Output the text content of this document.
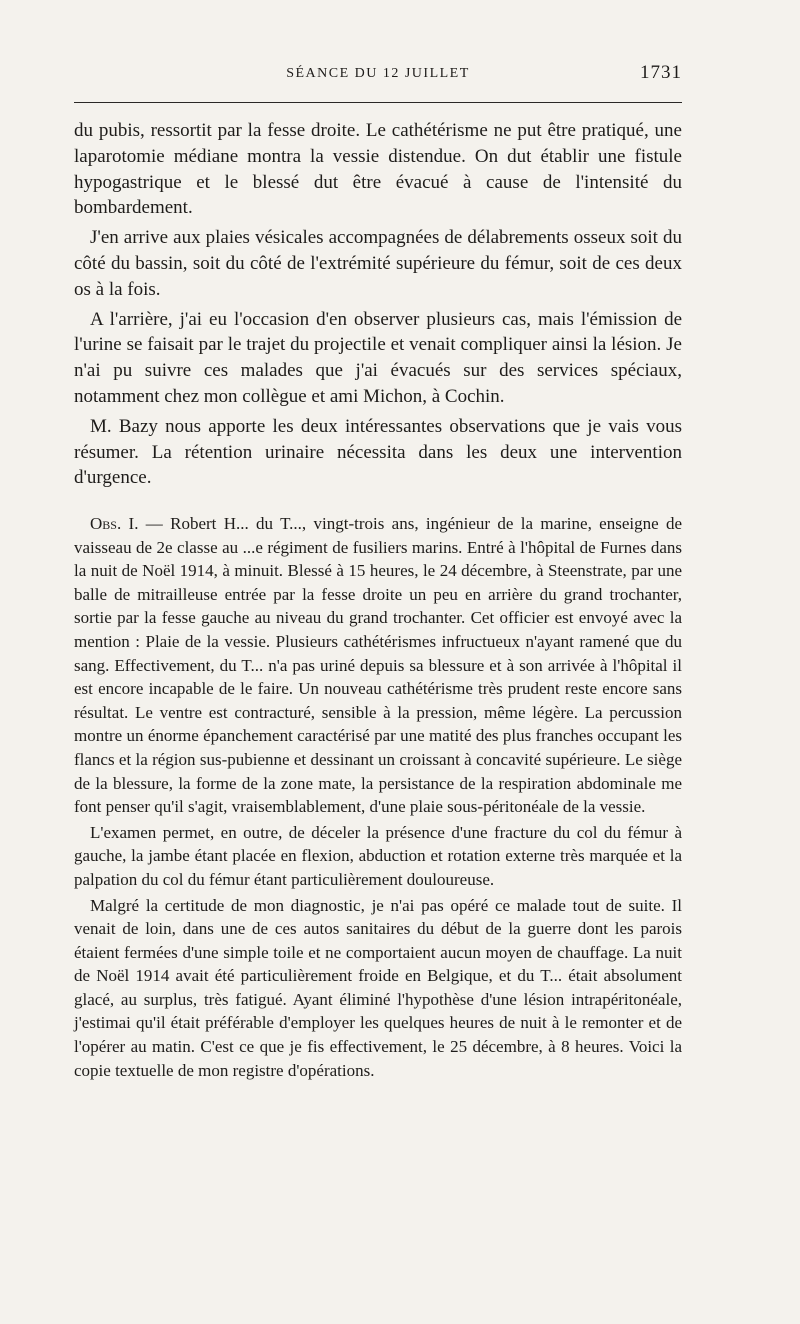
SÉANCE DU 12 JUILLET	1731

du pubis, ressortit par la fesse droite. Le cathétérisme ne put être pratiqué, une laparotomie médiane montra la vessie distendue. On dut établir une fistule hypogastrique et le blessé dut être évacué à cause de l'intensité du bombardement.

J'en arrive aux plaies vésicales accompagnées de délabrements osseux soit du côté du bassin, soit du côté de l'extrémité supérieure du fémur, soit de ces deux os à la fois.

A l'arrière, j'ai eu l'occasion d'en observer plusieurs cas, mais l'émission de l'urine se faisait par le trajet du projectile et venait compliquer ainsi la lésion. Je n'ai pu suivre ces malades que j'ai évacués sur des services spéciaux, notamment chez mon collègue et ami Michon, à Cochin.

M. Bazy nous apporte les deux intéressantes observations que je vais vous résumer. La rétention urinaire nécessita dans les deux une intervention d'urgence.

Obs. I. — Robert H... du T..., vingt-trois ans, ingénieur de la marine, enseigne de vaisseau de 2e classe au ...e régiment de fusiliers marins. Entré à l'hôpital de Furnes dans la nuit de Noël 1914, à minuit. Blessé à 15 heures, le 24 décembre, à Steenstrate, par une balle de mitrailleuse entrée par la fesse droite un peu en arrière du grand trochanter, sortie par la fesse gauche au niveau du grand trochanter. Cet officier est envoyé avec la mention : Plaie de la vessie. Plusieurs cathétérismes infructueux n'ayant ramené que du sang. Effectivement, du T... n'a pas uriné depuis sa blessure et à son arrivée à l'hôpital il est encore incapable de le faire. Un nouveau cathétérisme très prudent reste encore sans résultat. Le ventre est contracturé, sensible à la pression, même légère. La percussion montre un énorme épanchement caractérisé par une matité des plus franches occupant les flancs et la région sus-pubienne et dessinant un croissant à concavité supérieure. Le siège de la blessure, la forme de la zone mate, la persistance de la respiration abdominale me font penser qu'il s'agit, vraisemblablement, d'une plaie sous-péritonéale de la vessie.

L'examen permet, en outre, de déceler la présence d'une fracture du col du fémur à gauche, la jambe étant placée en flexion, abduction et rotation externe très marquée et la palpation du col du fémur étant particulièrement douloureuse.

Malgré la certitude de mon diagnostic, je n'ai pas opéré ce malade tout de suite. Il venait de loin, dans une de ces autos sanitaires du début de la guerre dont les parois étaient fermées d'une simple toile et ne comportaient aucun moyen de chauffage. La nuit de Noël 1914 avait été particulièrement froide en Belgique, et du T... était absolument glacé, au surplus, très fatigué. Ayant éliminé l'hypothèse d'une lésion intrapéritonéale, j'estimai qu'il était préférable d'employer les quelques heures de nuit à le remonter et de l'opérer au matin. C'est ce que je fis effectivement, le 25 décembre, à 8 heures. Voici la copie textuelle de mon registre d'opérations.
